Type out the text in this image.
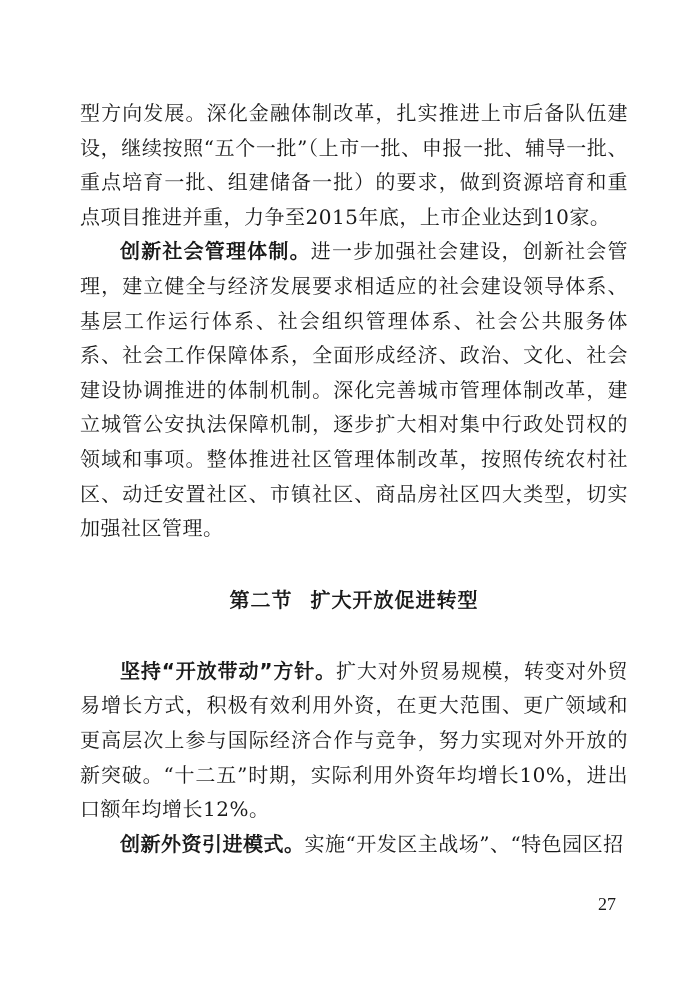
型方向发展。深化金融体制改革，扎实推进上市后备队伍建设，继续按照“五个一批”（上市一批、申报一批、辅导一批、重点培育一批、组建储备一批）的要求，做到资源培育和重点项目推进并重，力争至2015年底，上市企业达到10家。

创新社会管理体制。进一步加强社会建设，创新社会管理，建立健全与经济发展要求相适应的社会建设领导体系、基层工作运行体系、社会组织管理体系、社会公共服务体系、社会工作保障体系，全面形成经济、政治、文化、社会建设协调推进的体制机制。深化完善城市管理体制改革，建立城管公安执法保障机制，逐步扩大相对集中行政处罚权的领域和事项。整体推进社区管理体制改革，按照传统农村社区、动迁安置社区、市镇社区、商品房社区四大类型，切实加强社区管理。

第二节 扩大开放促进转型

坚持“开放带动”方针。扩大对外贸易规模，转变对外贸易增长方式，积极有效利用外资，在更大范围、更广领域和更高层次上参与国际经济合作与竞争，努力实现对外开放的新突破。“十二五”时期，实际利用外资年均增长10%，进出口额年均增长12%。

创新外资引进模式。实施“开发区主战场”、“特色园区招

27
